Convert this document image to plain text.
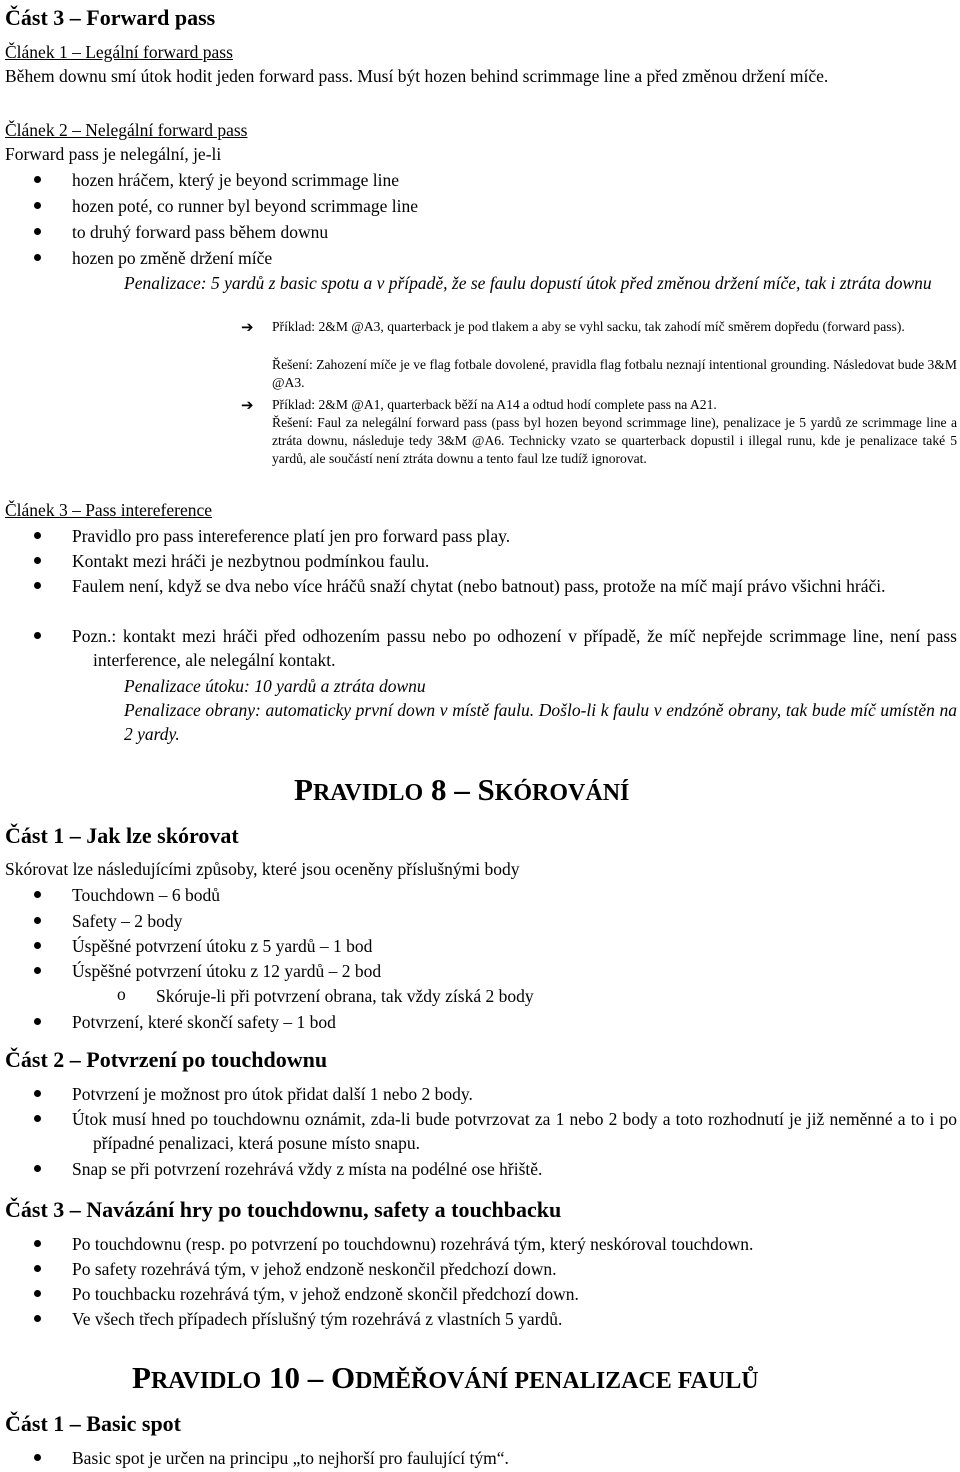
Část 3 – Forward pass
Článek 1 – Legální forward pass
Během downu smí útok hodit jeden forward pass. Musí být hozen behind scrimmage line a před změnou držení míče.
Článek 2 – Nelegální forward pass
Forward pass je nelegální, je-li
hozen hráčem, který je beyond scrimmage line
hozen poté, co runner byl beyond scrimmage line
to druhý forward pass během downu
hozen po změně držení míče
Penalizace: 5 yardů z basic spotu a v případě, že se faulu dopustí útok před změnou držení míče, tak i ztráta downu
➔ Příklad: 2&M @A3, quarterback je pod tlakem a aby se vyhl sacku, tak zahodí míč směrem dopředu (forward pass).
Řešení: Zahození míče je ve flag fotbale dovolené, pravidla flag fotbalu neznají intentional grounding. Následovat bude 3&M @A3.
➔ Příklad: 2&M @A1, quarterback běží na A14 a odtud hodí complete pass na A21.
Řešení: Faul za nelegální forward pass (pass byl hozen beyond scrimmage line), penalizace je 5 yardů ze scrimmage line a ztráta downu, následuje tedy 3&M @A6. Technicky vzato se quarterback dopustil i illegal runu, kde je penalizace také 5 yardů, ale součástí není ztráta downu a tento faul lze tudíž ignorovat.
Článek 3 – Pass intereference
Pravidlo pro pass intereference platí jen pro forward pass play.
Kontakt mezi hráči je nezbytnou podmínkou faulu.
Faulem není, když se dva nebo více hráčů snaží chytat (nebo batnout) pass, protože na míč mají právo všichni hráči.
Pozn.: kontakt mezi hráči před odhozením passu nebo po odhození v případě, že míč nepřejde scrimmage line, není pass interference, ale nelegální kontakt.
Penalizace útoku: 10 yardů a ztráta downu
Penalizace obrany: automaticky první down v místě faulu. Došlo-li k faulu v endzóně obrany, tak bude míč umístěn na 2 yardy.
PRAVIDLO 8 – SKÓROVÁNÍ
Část 1 – Jak lze skórovat
Skórovat lze následujícími způsoby, které jsou oceněny příslušnými body
Touchdown – 6 bodů
Safety – 2 body
Úspěšné potvrzení útoku z 5 yardů – 1 bod
Úspěšné potvrzení útoku z 12 yardů – 2 bod
o Skóruje-li při potvrzení obrana, tak vždy získá 2 body
Potvrzení, které skončí safety – 1 bod
Část 2 – Potvrzení po touchdownu
Potvrzení je možnost pro útok přidat další 1 nebo 2 body.
Útok musí hned po touchdownu oznámit, zda-li bude potvrzovat za 1 nebo 2 body a toto rozhodnutí je již neměnné a to i po případné penalizaci, která posune místo snapu.
Snap se při potvrzení rozehrává vždy z místa na podélné ose hřiště.
Část 3 – Navázání hry po touchdownu, safety a touchbacku
Po touchdownu (resp. po potvrzení po touchdownu) rozehrává tým, který neskóroval touchdown.
Po safety rozehrává tým, v jehož endzoně neskončil předchozí down.
Po touchbacku rozehrává tým, v jehož endzoně skončil předchozí down.
Ve všech třech případech příslušný tým rozehrává z vlastních 5 yardů.
PRAVIDLO 10 – ODMĚŘOVÁNÍ PENALIZACE FAULŮ
Část 1 – Basic spot
Basic spot je určen na principu „to nejhorší pro faulující tým“.
